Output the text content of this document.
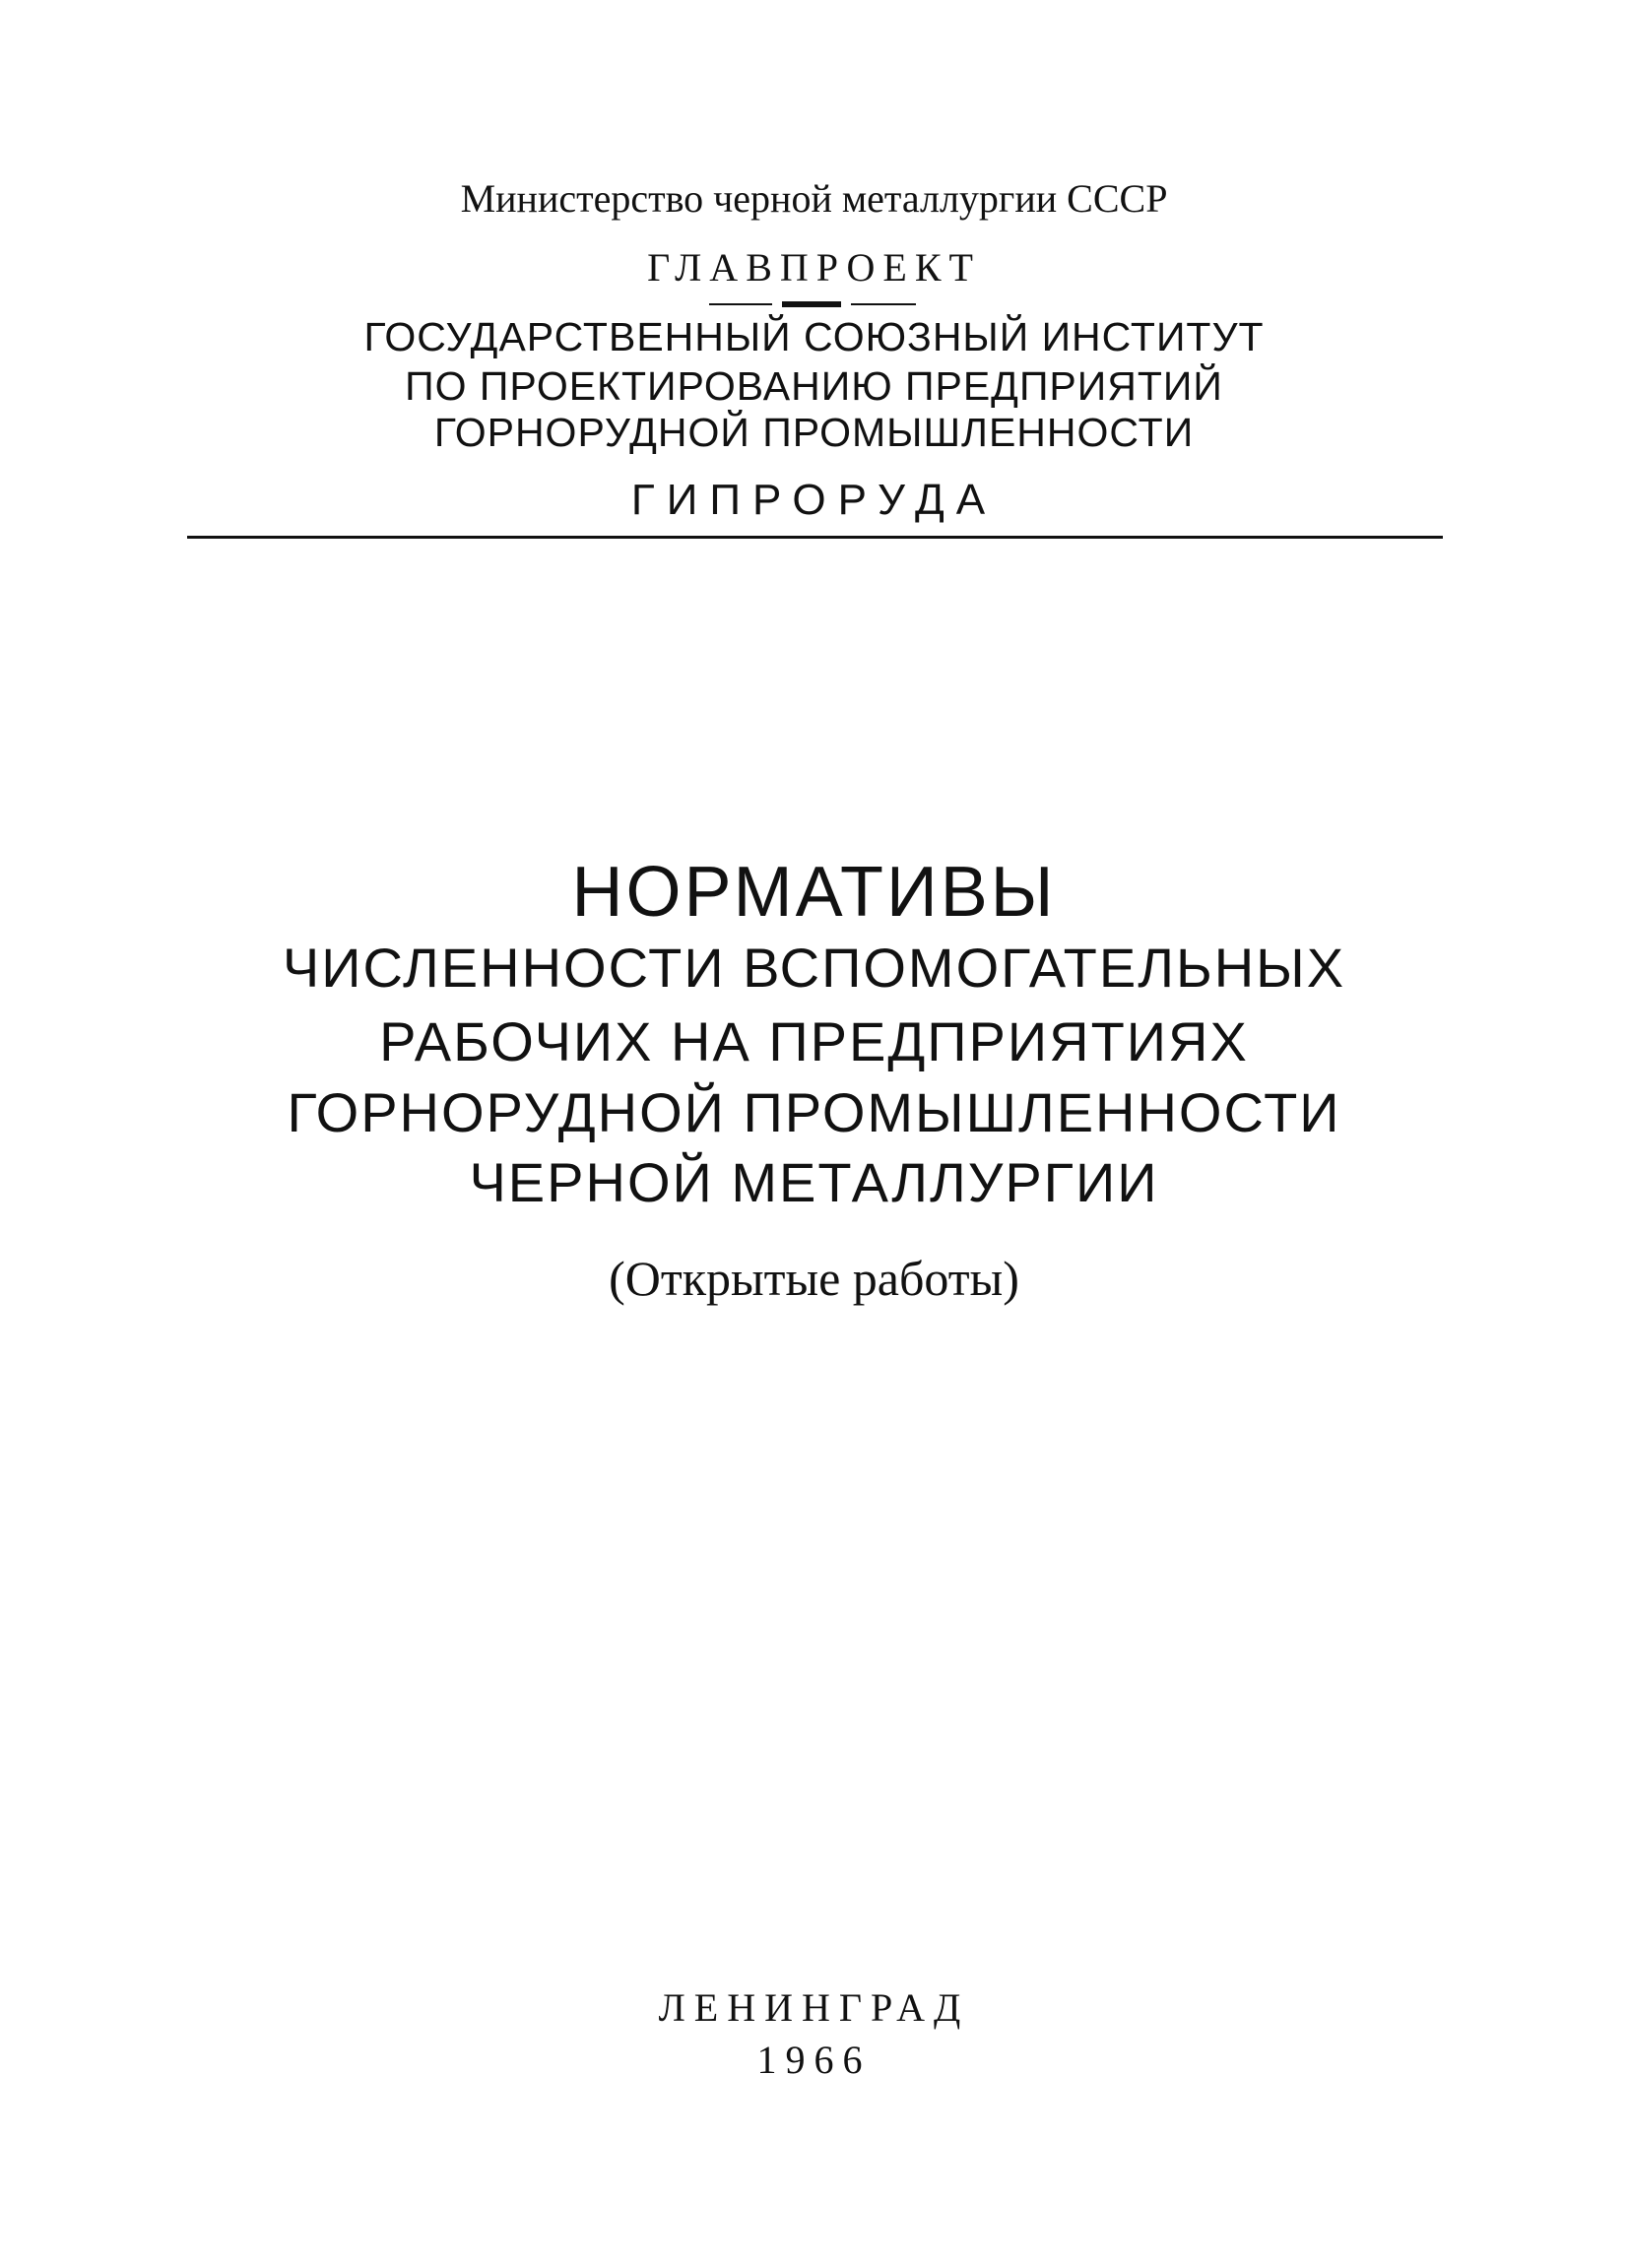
Министерство черной металлургии СССР
ГЛАВПРОЕКТ
ГОСУДАРСТВЕННЫЙ СОЮЗНЫЙ ИНСТИТУТ
ПО ПРОЕКТИРОВАНИЮ ПРЕДПРИЯТИЙ
ГОРНОРУДНОЙ ПРОМЫШЛЕННОСТИ
ГИПРОРУДА
НОРМАТИВЫ
ЧИСЛЕННОСТИ ВСПОМОГАТЕЛЬНЫХ
РАБОЧИХ НА ПРЕДПРИЯТИЯХ
ГОРНОРУДНОЙ ПРОМЫШЛЕННОСТИ
ЧЕРНОЙ МЕТАЛЛУРГИИ
(Открытые работы)
ЛЕНИНГРАД
1966
